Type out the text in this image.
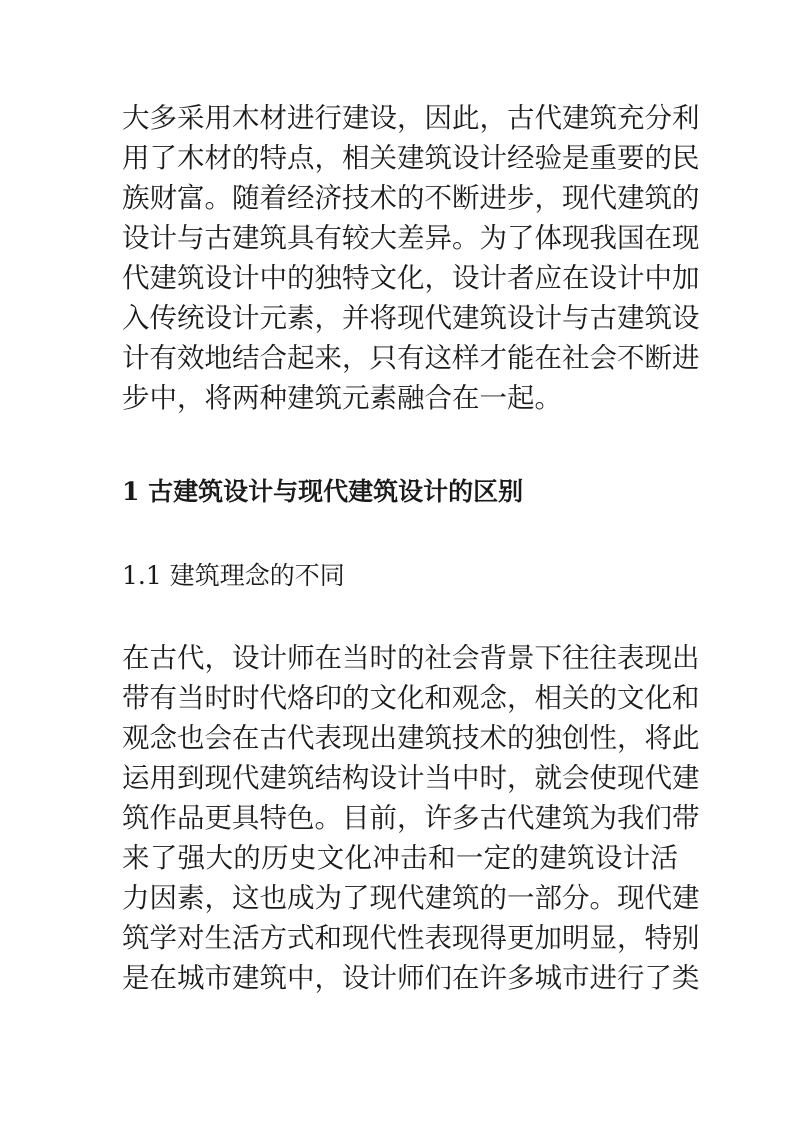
大多采用木材进行建设，因此，古代建筑充分利
用了木材的特点，相关建筑设计经验是重要的民
族财富。随着经济技术的不断进步，现代建筑的
设计与古建筑具有较大差异。为了体现我国在现
代建筑设计中的独特文化，设计者应在设计中加
入传统设计元素，并将现代建筑设计与古建筑设
计有效地结合起来，只有这样才能在社会不断进
步中，将两种建筑元素融合在一起。
1 古建筑设计与现代建筑设计的区别
1.1 建筑理念的不同
在古代，设计师在当时的社会背景下往往表现出
带有当时时代烙印的文化和观念，相关的文化和
观念也会在古代表现出建筑技术的独创性，将此
运用到现代建筑结构设计当中时，就会使现代建
筑作品更具特色。目前，许多古代建筑为我们带
来了强大的历史文化冲击和一定的建筑设计活
力因素，这也成为了现代建筑的一部分。现代建
筑学对生活方式和现代性表现得更加明显，特别
是在城市建筑中，设计师们在许多城市进行了类
